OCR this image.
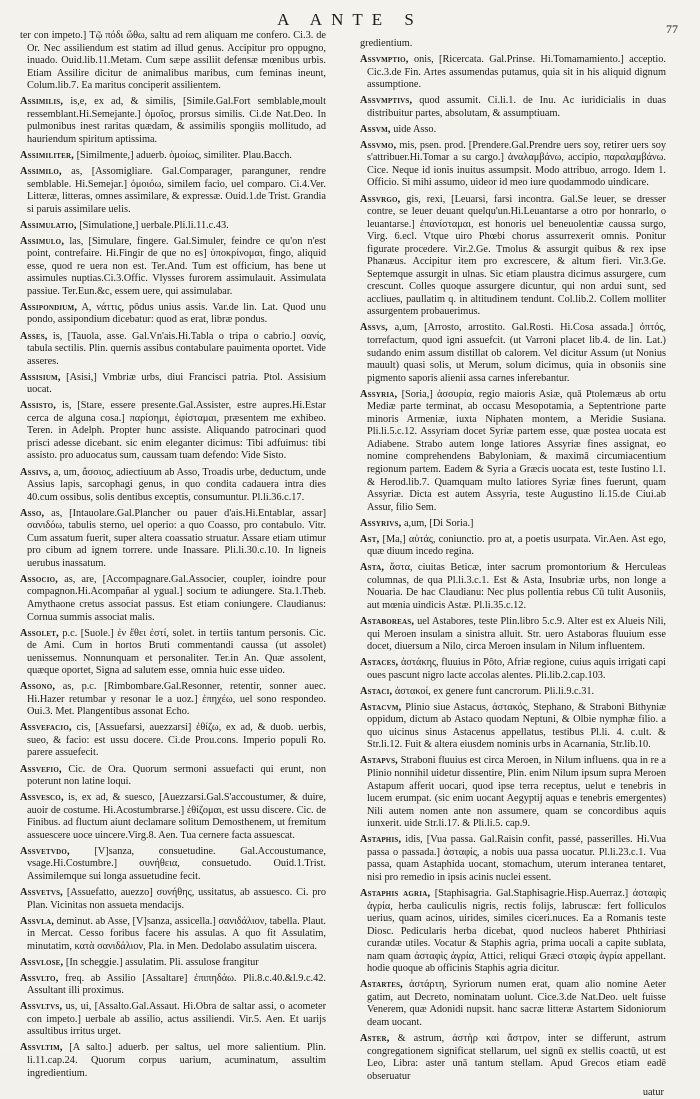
A ANTE S	77

ter con impeto.] Τῷ πόδι ὥθω, saltu ad rem aliquam me confero. Ci.3. de Or. Nec assiliendum est statim ad illud genus. Accipitur pro oppugno, inuado. Ouid.lib.11.Metam. Cum sæpe assiliit defensæ mœnibus urbis. Etiam Assilire dicitur de animalibus maribus, cum feminas ineunt, Colum.lib.7. Ea maritus conciperit assilientem.

Assimilis, is,e, ex ad, & similis, [Simile.Gal.Fort semblable,moult ressemblant.Hi.Semejante.] ὁμοῖος, prorsus similis. Ci.de Nat.Deo. In pulmonibus inest raritas quædam, & assimilis spongiis mollitudo, ad hauriendum spiritum aptissima.

Assimiliter, [Similmente,] aduerb. ὁμοίως, similiter. Plau.Bacch.

Assimilo, as, [Assomigliare. Gal.Comparager, paranguner, rendre semblable. Hi.Semejar.] ὁμοιόω, similem facio, uel comparo. Ci.4.Ver. Litteræ, litteras, omnes assimilare, & expressæ. Ouid.1.de Trist. Grandia si paruis assimilare uelis.

Assimulatio, [Simulatione,] uerbale.Pli.li.11.c.43.

Assimulo, las, [Simulare, fingere. Gal.Simuler, feindre ce qu'on n'est point, contrefaire. Hi.Fingir de que no es] ὑποκρίνομαι, fingo, aliquid esse, quod re uera non est. Ter.And. Tum est officium, has bene ut assimules nuptias.Ci.3.Offic. Vlysses furorem assimulauit. Assimulata passiue. Ter.Eun.&c, essem uere, qui assimulabar.

Assipondium, A, νάττις, pôdus unius assis. Var.de lin. Lat. Quod unu pondo, assipondium dicebatur: quod as erat, libræ pondus.

Asses, is, [Tauola, asse. Gal.Vn'ais.Hi.Tabla o tripa o cabrio.] σανίς, tabula sectilis. Plin. quernis assibus contabulare pauimenta oportet. Vide asseres.

Assisium, [Asisi,] Vmbriæ urbs, diui Francisci patria. Ptol. Assisium uocat.

Assisto, is, [Stare, essere presente.Gal.Assister, estre aupres.Hi.Estar cerca de alguna cosa.] παρίσημι, ἐφίσταμαι, præsentem me exhibeo. Teren. in Adelph. Propter hunc assiste. Aliquando patrocinari quod prisci adesse dicebant. sic enim eleganter dicimus: Tibi adfuimus: tibi assisto. pro aduocatus sum, caussam tuam defendo: Vide Sisto.

Assivs, a, um, ἄσσιος, adiectiuum ab Asso, Troadis urbe, deductum, unde Assius lapis, sarcophagi genus, in quo condita cadauera intra dies 40.cum ossibus, solis dentibus exceptis, consumuntur. Pl.li.36.c.17.

Asso, as, [Intauolare.Gal.Plancher ou pauer d'ais.Hi.Entablar, assar] σανιδόω, tabulis sterno, uel operio: a quo Coasso, pro contabulo. Vitr. Cum assatum fuerit, super altera coassatio struatur. Assare etiam utimur pro cibum ad ignem torrere. unde Inassare. Pli.li.30.c.10. In ligneis uerubus inassatum.

Associo, as, are, [Accompagnare.Gal.Associer, coupler, ioindre pour compagnon.Hi.Acompañar al ygual.] socium te adiungere. Sta.1.Theb. Amythaone cretus associat passus. Est etiam coniungere. Claudianus: Cornua summis associat malis.

Assolet, p.c. [Suole.] ἐν ἔθει ἐστί, solet. in tertiis tantum personis. Cic. de Ami. Cum in hortos Bruti commentandi caussa (ut assolet) uenissemus. Nonnunquam et personaliter. Ter.in An. Quæ assolent, quæque oportet, Signa ad salutem esse, omnia huic esse uideo.

Assono, as, p.c. [Rimbombare.Gal.Resonner, retentir, sonner auec. Hi.Hazer retumbar y resonar le a uoz.] ἐπηχέω, uel sono respondeo. Oui.3. Met. Plangentibus assonat Echo.

Assvefacio, cis, [Assuefarsi, auezzarsi] ἐθίζω, ex ad, & duob. uerbis, sueo, & facio: est ussu docere. Ci.de Prou.cons. Imperio populi Ro. parere assuefecit.

Assvefio, Cic. de Ora. Quorum sermoni assuefacti qui erunt, non poterunt non latine loqui.

Assvesco, is, ex ad, & suesco, [Auezzarsi.Gal.S'accoustumer, & duire, auoir de costume. Hi.Acostumbrarse.] ἐθίζομαι, est ussu discere. Cic. de Finibus. ad fluctum aiunt declamare solitum Demosthenem, ut fremitum assuescere uoce uincere.Virg.8. Aen. Tua cernere facta assuescat.

Assvetvdo, [V]sanza, consuetudine. Gal.Accoustumance, vsage.Hi.Costumbre.] συνήθεια, consuetudo. Ouid.1.Trist. Assimilemque sui longa assuetudine fecit.

Assvetvs, [Assuefatto, auezzo] συνήθης, ussitatus, ab assuesco. Ci. pro Plan. Vicinitas non assueta mendacijs.

Assvla, deminut. ab Asse, [V]sanza, assicella.] σανιδάλιον, tabella. Plaut. in Mercat. Cesso foribus facere his assulas. A quo fit Assulatim, minutatim, κατὰ σανιδάλιον, Pla. in Men. Dedolabo assulatim uiscera.

Assvlose, [In scheggie.] assulatim. Pli. assulose frangitur

Assvlto, freq. ab Assilio [Assaltare] ἐπιπηδάω. Pli.8.c.40.&l.9.c.42. Assultant illi proximus.

Assvltvs, us, ui, [Assalto.Gal.Assaut. Hi.Obra de saltar assi, o acometer con impeto.] uerbale ab assilio, actus assiliendi. Vir.5. Aen. Et uarijs assultibus irritus urget.

Assvltim, [A salto.] aduerb. per saltus, uel more salientium. Plin. li.11.cap.24. Quorum corpus uarium, acuminatum, assultim ingredientium.

gredientium.

Assvmptio, onis, [Ricercata. Gal.Prinse. Hi.Tomamamiento.] acceptio. Cic.3.de Fin. Artes assumendas putamus, quia sit in his aliquid dignum assumptione.

Assvmptivs, quod assumit. Ci.li.1. de Inu. Ac iuridicialis in duas distribuitur partes, absolutam, & assumptiuam.

Assvm, uide Asso.

Assvmo, mis, psen. prod. [Prendere.Gal.Prendre uers soy, retirer uers soy s'attribuer.Hi.Tomar a su cargo.] ἀναλαμβάνω, accipio, παραλαμβάνω. Cice. Neque id ionis inuitus assumpsit. Modo attribuo, arrogo. Idem 1. Officio. Si mihi assumo, uideor id meo iure quodammodo uindicare.

Assvrgo, gis, rexi, [Leuarsi, farsi incontra. Gal.Se leuer, se dresser contre, se leuer deuant quelqu'un.Hi.Leuantarse a otro por honrarlo, o leuantarse.] ἐπανίσταμαι, est honoris uel beneuolentiæ caussa surgo, Virg. 6.ecl. Vtque uiro Phœbi chorus assurrexerit omnis. Ponitur figurate procedere. Vir.2.Ge. Tmolus & assurgit quibus & rex ipse Phanæus. Accipitur item pro excrescere, & altum fieri. Vir.3.Ge. Septemque assurgit in ulnas. Sic etiam plaustra dicimus assurgere, cum crescunt. Colles quoque assurgere dicuntur, qui non ardui sunt, sed accliues, paullatim q. in altitudinem tendunt. Col.lib.2. Collem molliter assurgentem probauerimus.

Assvs, a,um, [Arrosto, arrostito. Gal.Rosti. Hi.Cosa assada.] ὀπτός, torrefactum, quod igni assuefcit. (ut Varroni placet lib.4. de lin. Lat.) sudando enim assum distillat ob calorem. Vel dicitur Assum (ut Nonius mauult) quasi solis, ut Merum, solum dicimus, quia in obsoniis sine pigmento saporis alienii assa carnes inferebantur.

Assyria, [Soria,] ἀσσυρία, regio maioris Asiæ, quā Ptolemæus ab ortu Mediæ parte terminat, ab occasu Mesopotamia, a Septentrione parte minoris Armeniæ, iuxta Niphaten montem, a Meridie Susiana. Pli.li.5.c.12. Assyriam docet Syriæ partem esse, quæ postea uocata est Adiabene. Strabo autem longe latiores Assyriæ fines assignat, eo nomine comprehendens Babyloniam, & maximā circumiacentium regionum partem. Eadem & Syria a Græcis uocata est, teste Iustino l.1. & Herod.lib.7. Quamquam multo latiores Syriæ fines fuerunt, quam Assyriæ. Dicta est autem Assyria, teste Augustino li.15.de Ciui.ab Assur, filio Sem.

Assyrivs, a,um, [Di Soria.]

Ast, [Ma,] αὐτάς, coniunctio. pro at, a poetis usurpata. Vir.Aen. Ast ego, quæ diuum incedo regina.

Asta, ἄστα, ciuitas Beticæ, inter sacrum promontorium & Herculeas columnas, de qua Pl.li.3.c.1. Est & Asta, Insubriæ urbs, non longe a Nouaria. De hac Claudianu: Nec plus pollentia rebus Cū tulit Ausoniis, aut mœnia uindicis Astæ. Pl.li.35.c.12.

Astaboreas, uel Astabores, teste Plin.libro 5.c.9. Alter est ex Alueis Nili, qui Meroen insulam a sinistra alluit. Str. uero Astaboras fluuium esse docet, diuersum a Nilo, circa Meroen insulam in Nilum influentem.

Astaces, ἀστάκης, fluuius in Pôto, Afriæ regione, cuius aquis irrigati capi oues pascunt nigro lacte accolas alentes. Pli.lib.2.cap.103.

Astaci, ἀστακοί, ex genere funt cancrorum. Pli.li.9.c.31.

Astacvm, Plinio siue Astacus, ἀστακός, Stephano, & Straboni Bithyniæ oppidum, dictum ab Astaco quodam Neptuni, & Olbie nymphæ filio. a quo uicinus sinus Astacenus appellatus, testibus Pl.li. 4. c.ult. & Str.li.12. Fuit & altera eiusdem nominis urbs in Acarnania, Str.lib.10.

Astapvs, Straboni fluuius est circa Meroen, in Nilum influens. qua in re a Plinio nonnihil uidetur dissentire, Plin. enim Nilum ipsum supra Meroen Astapum afferit uocari, quod ipse terra receptus, uelut e tenebris in lucem erumpat. (sic enim uocant Aegyptij aquas e tenebris emergentes) Nili autem nomen ante non assumere, quam se concordibus aquis iunxerit. uide Str.li.17. & Pli.li.5. cap.9.

Astaphis, idis, [Vua passa. Gal.Raisin confit, passé, passerilles. Hi.Vua passa o passada.] ἀσταφίς, a nobis uua passa uocatur. Pl.li.23.c.1. Vua passa, quam Astaphida uocant, stomachum, uterum interanea tentaret, nisi pro remedio in ipsis acinis nuclei essent.

Astaphis agria, [Staphisagria. Gal.Staphisagrie.Hisp.Auerraz.] ἀσταφὶς ἀγρία, herba cauliculis nigris, rectis folijs, labruscæ: fert folliculos uerius, quam acinos, uirides, similes ciceri.nuces. Ea a Romanis teste Diosc. Pedicularis herba dicebat, quod nucleos haberet Phthiriasi curandæ utiles. Vocatur & Staphis agria, prima uocali a capite sublata, nam quam ἀσταφὶς ἀγρία, Attici, reliqui Græci σταφὶς ἀγρία appellant. hodie quoque ab officinis Staphis agria dicitur.

Astartes, ἀστάρτη, Syriorum numen erat, quam alio nomine Aeter gatim, aut Decreto, nominatam uolunt. Cice.3.de Nat.Deo. uelt fuisse Venerem, quæ Adonidi nupsit. hanc sacræ litteræ Astartem Sidoniorum deam uocant.

Aster, & astrum, ἀστὴρ καὶ ἄστρον, inter se differunt, astrum congregationem significat stellarum, uel signū ex stellis coactū, ut est Leo, Libra: aster unā tantum stellam. Apud Grecos etiam eadē obseruatur

uatur
